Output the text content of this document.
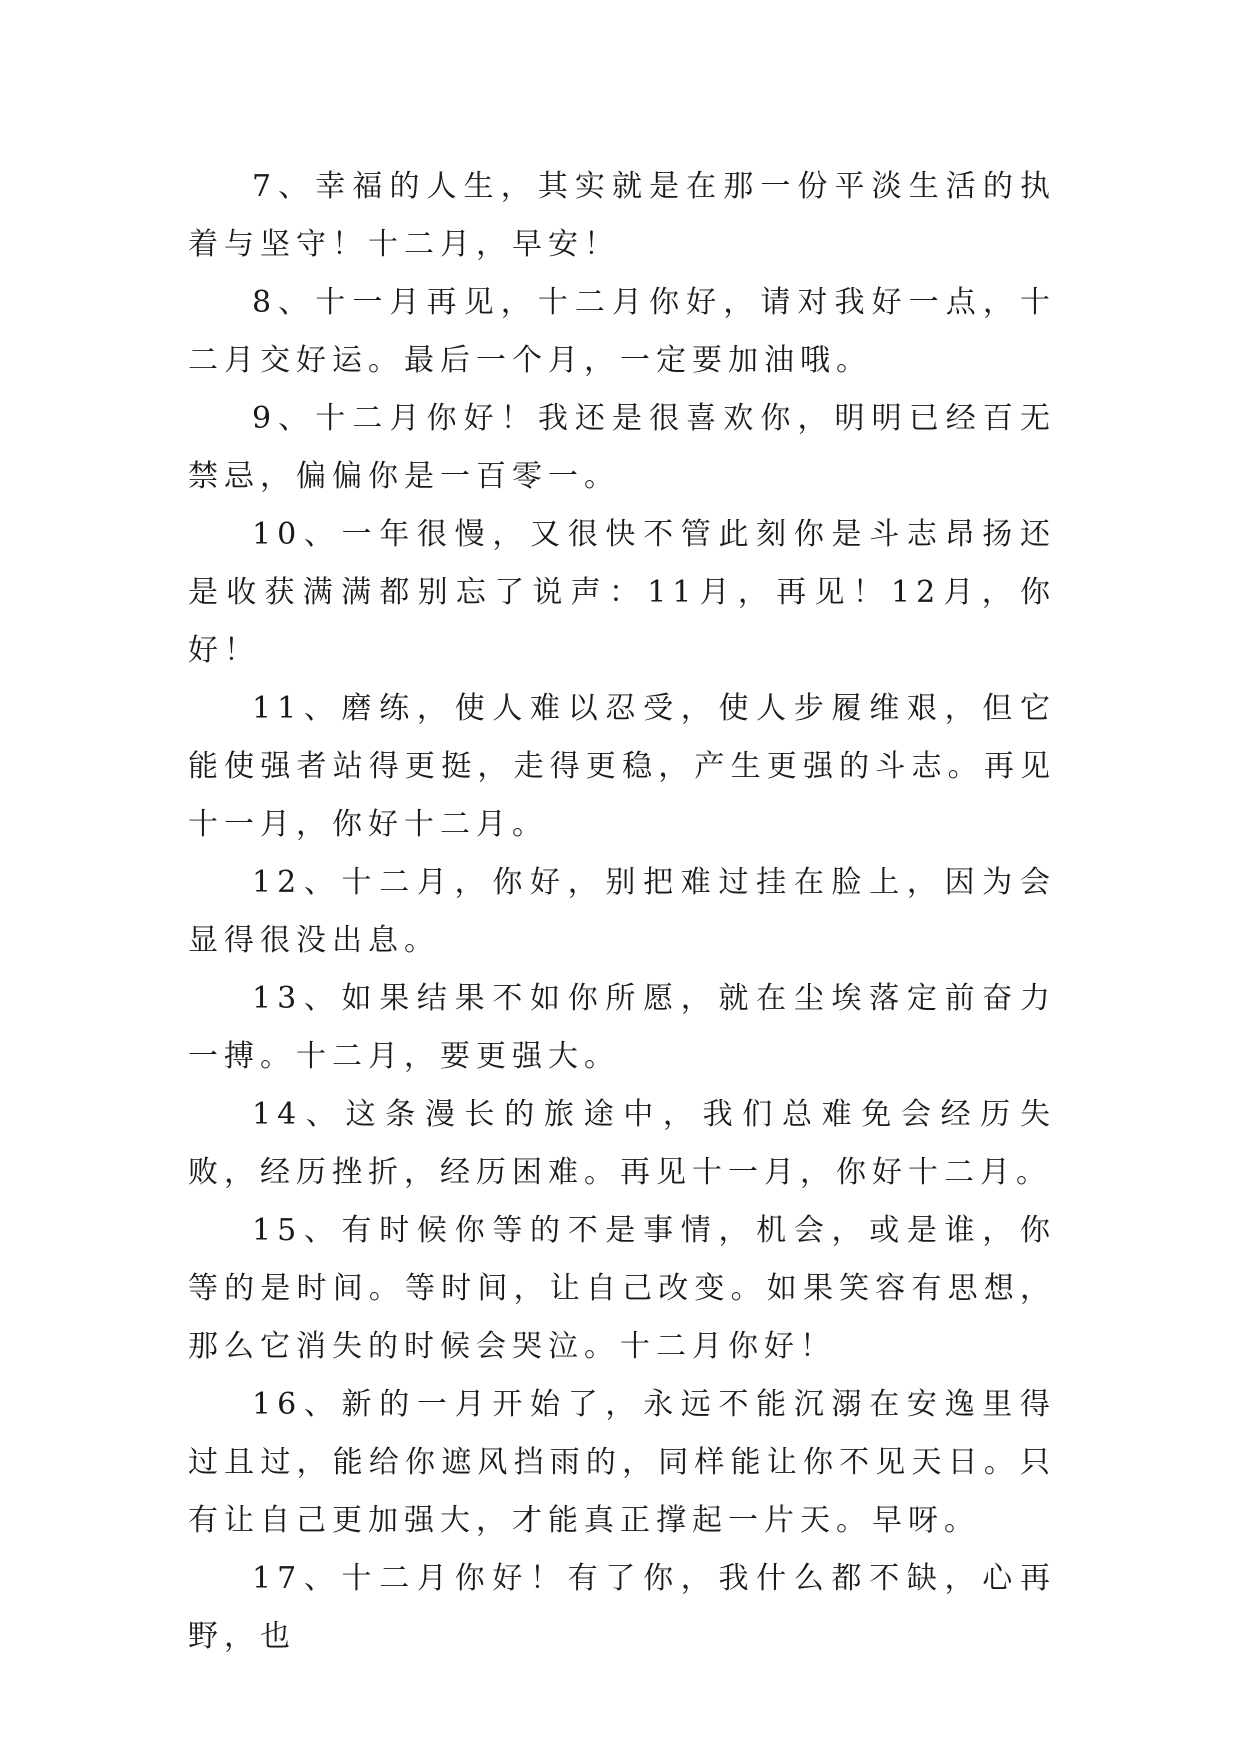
7、幸福的人生，其实就是在那一份平淡生活的执着与坚守！十二月，早安！

8、十一月再见，十二月你好，请对我好一点，十二月交好运。最后一个月，一定要加油哦。

9、十二月你好！我还是很喜欢你，明明已经百无禁忌，偏偏你是一百零一。

10、一年很慢，又很快不管此刻你是斗志昂扬还是收获满满都别忘了说声：11月，再见！12月，你好！

11、磨练，使人难以忍受，使人步履维艰，但它能使强者站得更挺，走得更稳，产生更强的斗志。再见十一月，你好十二月。

12、十二月，你好，别把难过挂在脸上，因为会显得很没出息。

13、如果结果不如你所愿，就在尘埃落定前奋力一搏。十二月，要更强大。

14、这条漫长的旅途中，我们总难免会经历失败，经历挫折，经历困难。再见十一月，你好十二月。

15、有时候你等的不是事情，机会，或是谁，你等的是时间。等时间，让自己改变。如果笑容有思想，那么它消失的时候会哭泣。十二月你好！

16、新的一月开始了，永远不能沉溺在安逸里得过且过，能给你遮风挡雨的，同样能让你不见天日。只有让自己更加强大，才能真正撑起一片天。早呀。

17、十二月你好！有了你，我什么都不缺，心再野，也
